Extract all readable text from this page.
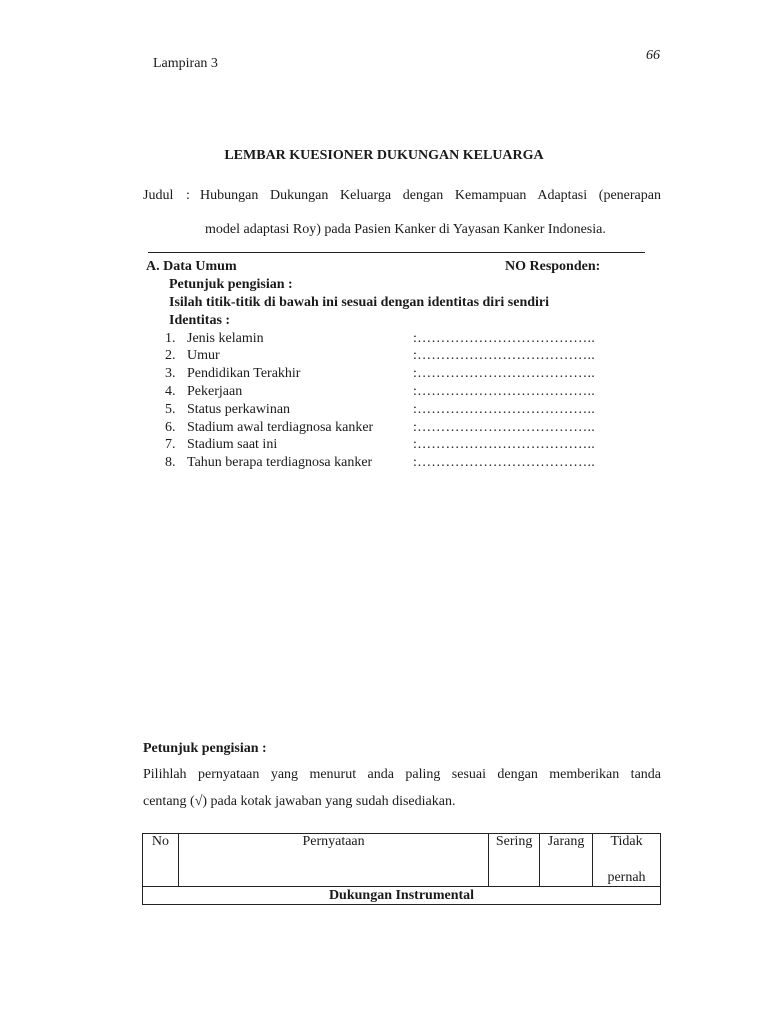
66
Lampiran 3
LEMBAR KUESIONER DUKUNGAN KELUARGA
Judul : Hubungan Dukungan Keluarga dengan Kemampuan Adaptasi (penerapan
model adaptasi Roy) pada Pasien Kanker di Yayasan Kanker Indonesia.
A. Data Umum	NO Responden:
Petunjuk pengisian :
Isilah titik-titik di bawah ini sesuai dengan identitas diri sendiri
Identitas :
1. Jenis kelamin	:………………………………..
2. Umur	:………………………………..
3. Pendidikan Terakhir	:………………………………..
4. Pekerjaan	:………………………………..
5. Status perkawinan	:………………………………..
6. Stadium awal terdiagnosa kanker	:………………………………..
7. Stadium saat ini	:………………………………..
8. Tahun berapa terdiagnosa kanker	:………………………………..
Petunjuk pengisian :
Pilihlah pernyataan yang menurut anda paling sesuai dengan memberikan tanda
centang (√) pada kotak jawaban yang sudah disediakan.
No	Pernyataan	Sering	Jarang	Tidak
pernah

Dukungan Instrumental
